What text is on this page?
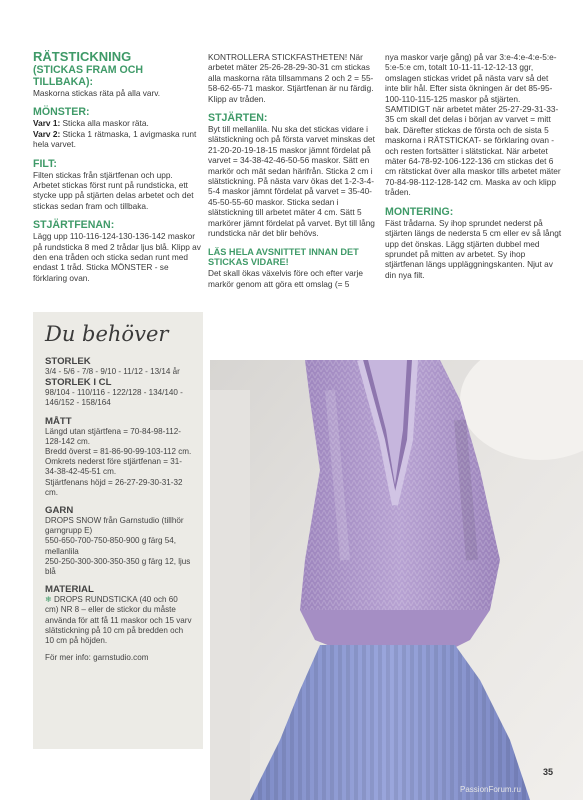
RÄTSTICKNING
(STICKAS FRAM OCH TILLBAKA):

Maskorna stickas räta på alla varv.

MÖNSTER:

Varv 1: Sticka alla maskor räta.

Varv 2: Sticka 1 rätmaska, 1 avigmaska runt hela varvet.

FILT:

Filten stickas från stjärtfenan och upp. Arbetet stickas först runt på rundsticka, ett stycke upp på stjärten delas arbetet och det stickas sedan fram och tillbaka.

STJÄRTFENAN:

Lägg upp 110-116-124-130-136-142 maskor på rundsticka 8 med 2 trådar ljus blå. Klipp av den ena tråden och sticka sedan runt med endast 1 tråd. Sticka MÖNSTER - se förklaring ovan.

Du behöver
STORLEK

3/4 - 5/6 - 7/8 - 9/10 - 11/12 - 13/14 år

STORLEK I CL

98/104 - 110/116 - 122/128 - 134/140 - 146/152 - 158/164

MÅTT

Längd utan stjärtfena = 70-84-98-112-128-142 cm.

Bredd överst = 81-86-90-99-103-112 cm.

Omkrets nederst före stjärtfenan = 31-34-38-42-45-51 cm.

Stjärtfenans höjd = 26-27-29-30-31-32 cm.

GARN

DROPS SNOW från Garnstudio (tillhör garngrupp E)

550-650-700-750-850-900 g färg 54, mellanlila

250-250-300-300-350-350 g färg 12, ljus blå

MATERIAL

❄ DROPS RUNDSTICKA (40 och 60 cm) NR 8 – eller de stickor du måste använda för att få 11 maskor och 15 varv slätstickning på 10 cm på bredden och 10 cm på höjden.

För mer info: garnstudio.com

KONTROLLERA STICKFASTHETEN! När arbetet mäter 25-26-28-29-30-31 cm stickas alla maskorna räta tillsammans 2 och 2 = 55-58-62-65-71 maskor. Stjärtfenan är nu färdig. Klipp av tråden.

STJÄRTEN:

Byt till mellanlila. Nu ska det stickas vidare i slätstickning och på första varvet minskas det 21-20-20-19-18-15 maskor jämnt fördelat på varvet = 34-38-42-46-50-56 maskor. Sätt en markör och mät sedan härifrån. Sticka 2 cm i slätstickning. På nästa varv ökas det 1-2-3-4-5-4 maskor jämnt fördelat på varvet = 35-40-45-50-55-60 maskor. Sticka sedan i slätstickning till arbetet mäter 4 cm. Sätt 5 markörer jämnt fördelat på varvet. Byt till lång rundsticka när det blir behövs.

LÄS HELA AVSNITTET INNAN DET STICKAS VIDARE!

Det skall ökas växelvis före och efter varje markör genom att göra ett omslag (= 5

nya maskor varje gång) på var 3:e-4:e-4:e-5:e-5:e-5:e cm, totalt 10-11-11-12-12-13 ggr, omslagen stickas vridet på nästa varv så det inte blir hål. Efter sista ökningen är det 85-95-100-110-115-125 maskor på stjärten. SAMTIDIGT när arbetet mäter 25-27-29-31-33-35 cm skall det delas i början av varvet = mitt bak. Därefter stickas de första och de sista 5 maskorna i RÄTSTICKAT- se förklaring ovan - och resten fortsätter i slätstickat. När arbetet mäter 64-78-92-106-122-136 cm stickas det 6 cm rätstickat över alla maskor tills arbetet mäter 70-84-98-112-128-142 cm. Maska av och klipp tråden.

MONTERING:

Fäst trådarna. Sy ihop sprundet nederst på stjärten längs de nedersta 5 cm eller ev så långt upp det önskas. Lägg stjärten dubbel med sprundet på mitten av arbetet. Sy ihop stjärtfenan längs uppläggningskanten. Njut av din nya filt.

35
PassionForum.ru
